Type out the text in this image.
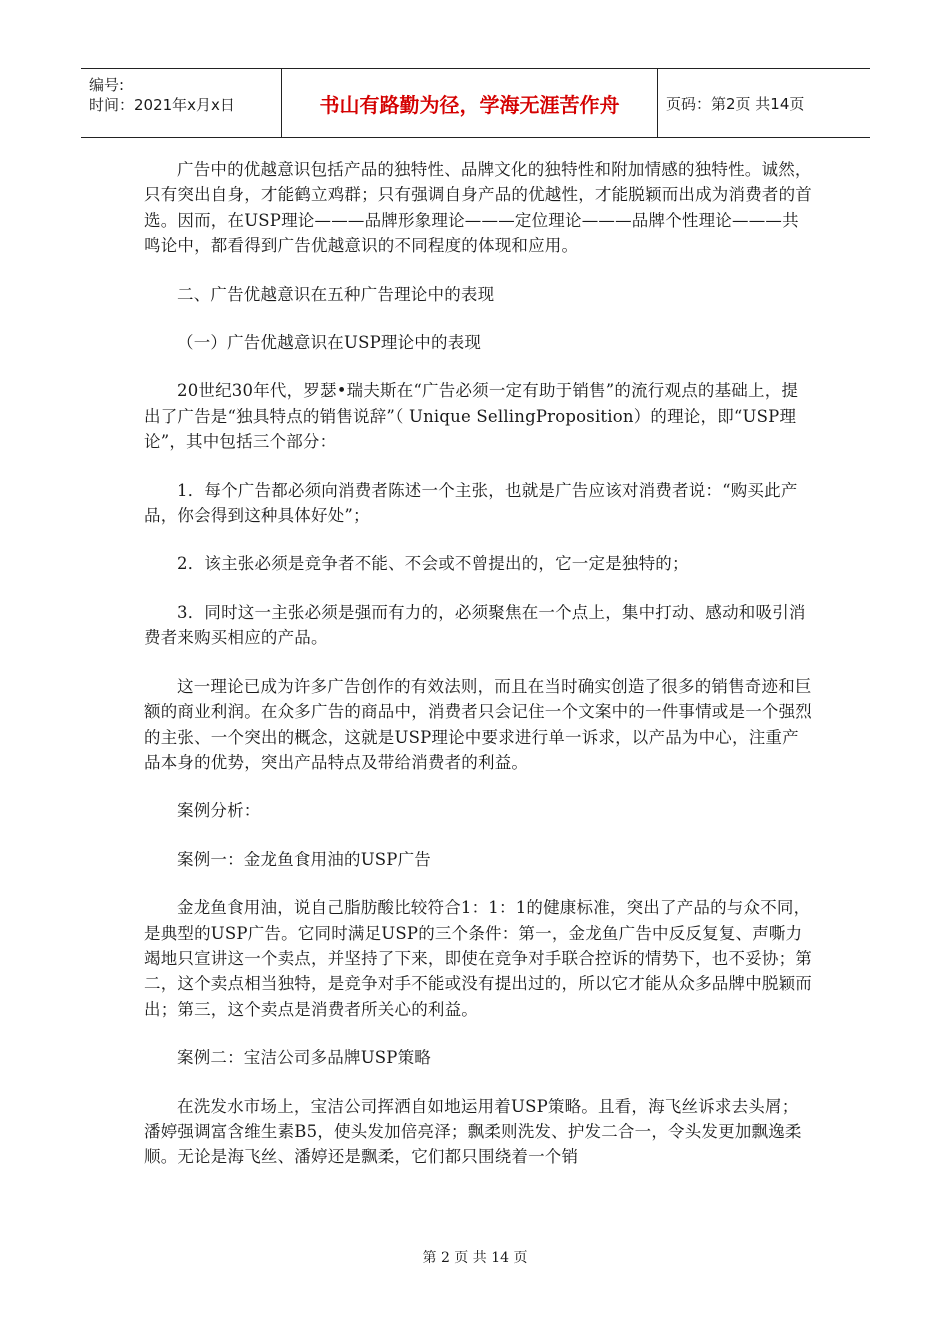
编号:
时间：2021年x月x日	书山有路勤为径，学海无涯苦作舟	页码：第2页 共14页

广告中的优越意识包括产品的独特性、品牌文化的独特性和附加情感的独特性。诚然，只有突出自身，才能鹤立鸡群；只有强调自身产品的优越性，才能脱颖而出成为消费者的首选。因而，在USP理论———品牌形象理论———定位理论———品牌个性理论———共鸣论中，都看得到广告优越意识的不同程度的体现和应用。

二、广告优越意识在五种广告理论中的表现

（一）广告优越意识在USP理论中的表现

20世纪30年代，罗瑟•瑞夫斯在“广告必须一定有助于销售”的流行观点的基础上，提出了广告是“独具特点的销售说辞”（ Unique SellingProposition）的理论，即“USP理论”，其中包括三个部分：

1．每个广告都必须向消费者陈述一个主张，也就是广告应该对消费者说：“购买此产品，你会得到这种具体好处”；

2．该主张必须是竞争者不能、不会或不曾提出的，它一定是独特的；

3．同时这一主张必须是强而有力的，必须聚焦在一个点上，集中打动、感动和吸引消费者来购买相应的产品。

这一理论已成为许多广告创作的有效法则，而且在当时确实创造了很多的销售奇迹和巨额的商业利润。在众多广告的商品中，消费者只会记住一个文案中的一件事情或是一个强烈的主张、一个突出的概念，这就是USP理论中要求进行单一诉求，以产品为中心，注重产品本身的优势，突出产品特点及带给消费者的利益。

案例分析：

案例一：金龙鱼食用油的USP广告

金龙鱼食用油，说自己脂肪酸比较符合1：1：1的健康标准，突出了产品的与众不同，是典型的USP广告。它同时满足USP的三个条件：第一，金龙鱼广告中反反复复、声嘶力竭地只宣讲这一个卖点，并坚持了下来，即使在竞争对手联合控诉的情势下，也不妥协；第二，这个卖点相当独特，是竞争对手不能或没有提出过的，所以它才能从众多品牌中脱颖而出；第三，这个卖点是消费者所关心的利益。

案例二：宝洁公司多品牌USP策略

在洗发水市场上，宝洁公司挥洒自如地运用着USP策略。且看，海飞丝诉求去头屑；潘婷强调富含维生素B5，使头发加倍亮泽；飘柔则洗发、护发二合一，令头发更加飘逸柔顺。无论是海飞丝、潘婷还是飘柔，它们都只围绕着一个销

第 2 页 共 14 页
